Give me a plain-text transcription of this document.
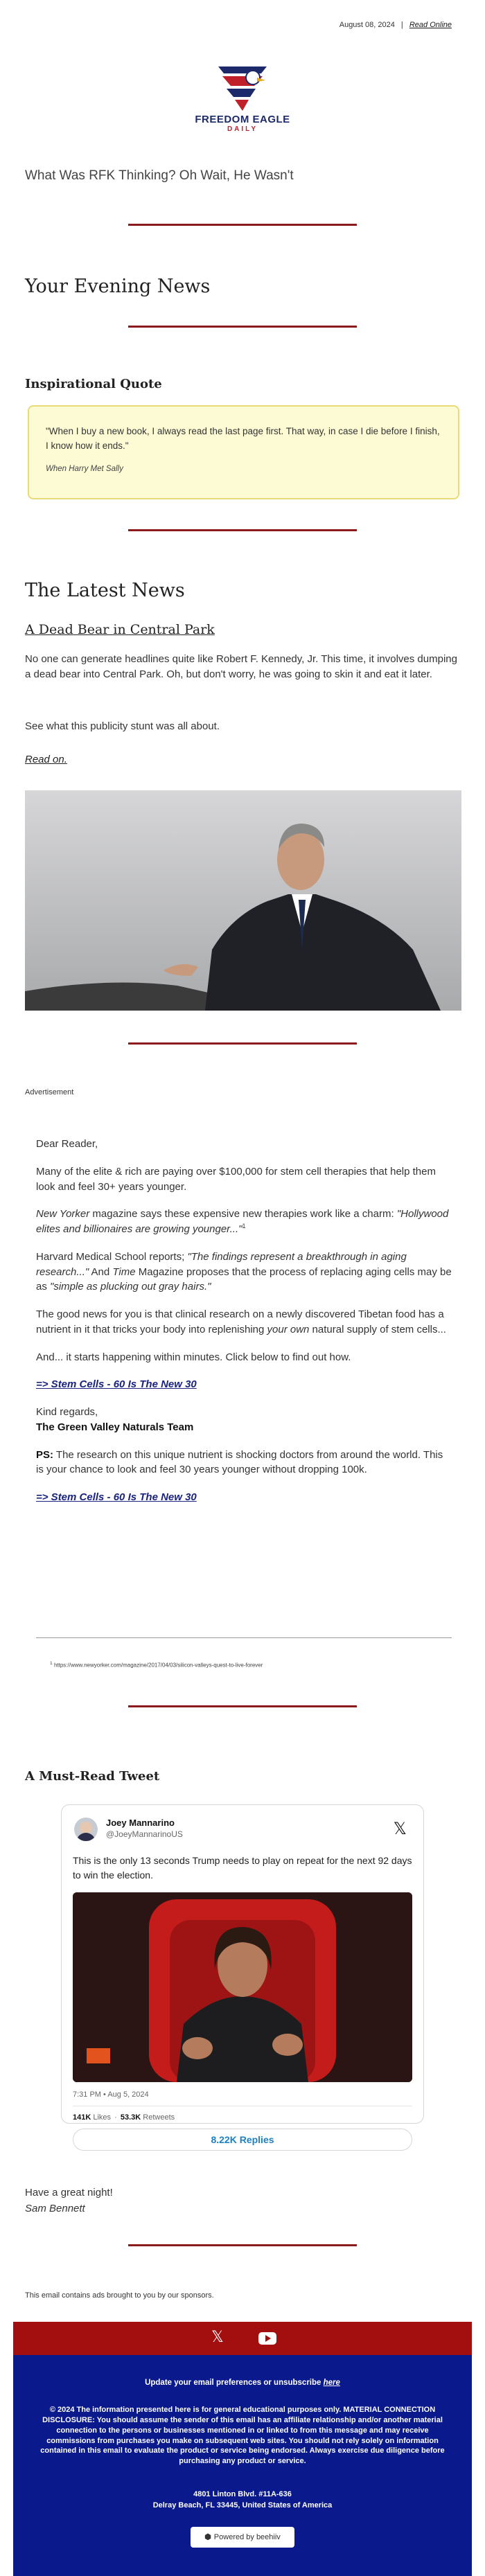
August 08, 2024 | Read Online
FREEDOM EAGLE
DAILY
What Was RFK Thinking? Oh Wait, He Wasn't
Your Evening News
Inspirational Quote

"When I buy a new book, I always read the last page first. That way, in case I die before I finish, I know how it ends."

When Harry Met Sally

The Latest News
A Dead Bear in Central Park

No one can generate headlines quite like Robert F. Kennedy, Jr. This time, it involves dumping a dead bear into Central Park. Oh, but don't worry, he was going to skin it and eat it later.

See what this publicity stunt was all about.

Read on.
Advertisement

Dear Reader,

Many of the elite & rich are paying over $100,000 for stem cell therapies that help them look and feel 30+ years younger.

New Yorker magazine says these expensive new therapies work like a charm: "Hollywood elites and billionaires are growing younger..."$^1$

Harvard Medical School reports; "The findings represent a breakthrough in aging research..." And Time Magazine proposes that the process of replacing aging cells may be as "simple as plucking out gray hairs."

The good news for you is that clinical research on a newly discovered Tibetan food has a nutrient in it that tricks your body into replenishing your own natural supply of stem cells...

And... it starts happening within minutes. Click below to find out how.

=> Stem Cells - 60 Is The New 30

Kind regards,

The Green Valley Naturals Team

PS: The research on this unique nutrient is shocking doctors from around the world. This is your chance to look and feel 30 years younger without dropping 100k.

=> Stem Cells - 60 Is The New 30

$^1$ https://www.newyorker.com/magazine/2017/04/03/silicon-valleys-quest-to-live-forever
A Must-Read Tweet
Joey Mannarino
@JoeyMannarinoUS	𝕏

This is the only 13 seconds Trump needs to play on repeat for the next 92 days to win the election.

7:31 PM • Aug 5, 2024
141K Likes · 53.3K Retweets
8.22K Replies
Have a great night!
Sam Bennett
This email contains ads brought to you by our sponsors.
𝕏
Update your email preferences or unsubscribe here

© 2024 The information presented here is for general educational purposes only. MATERIAL CONNECTION DISCLOSURE: You should assume the sender of this email has an affiliate relationship and/or another material connection to the persons or businesses mentioned in or linked to from this message and may receive commissions from purchases you make on subsequent web sites. You should not rely solely on information contained in this email to evaluate the product or service being endorsed. Always exercise due diligence before purchasing any product or service.

4801 Linton Blvd. #11A-636
Delray Beach, FL 33445, United States of America
⬢ Powered by beehiiv
